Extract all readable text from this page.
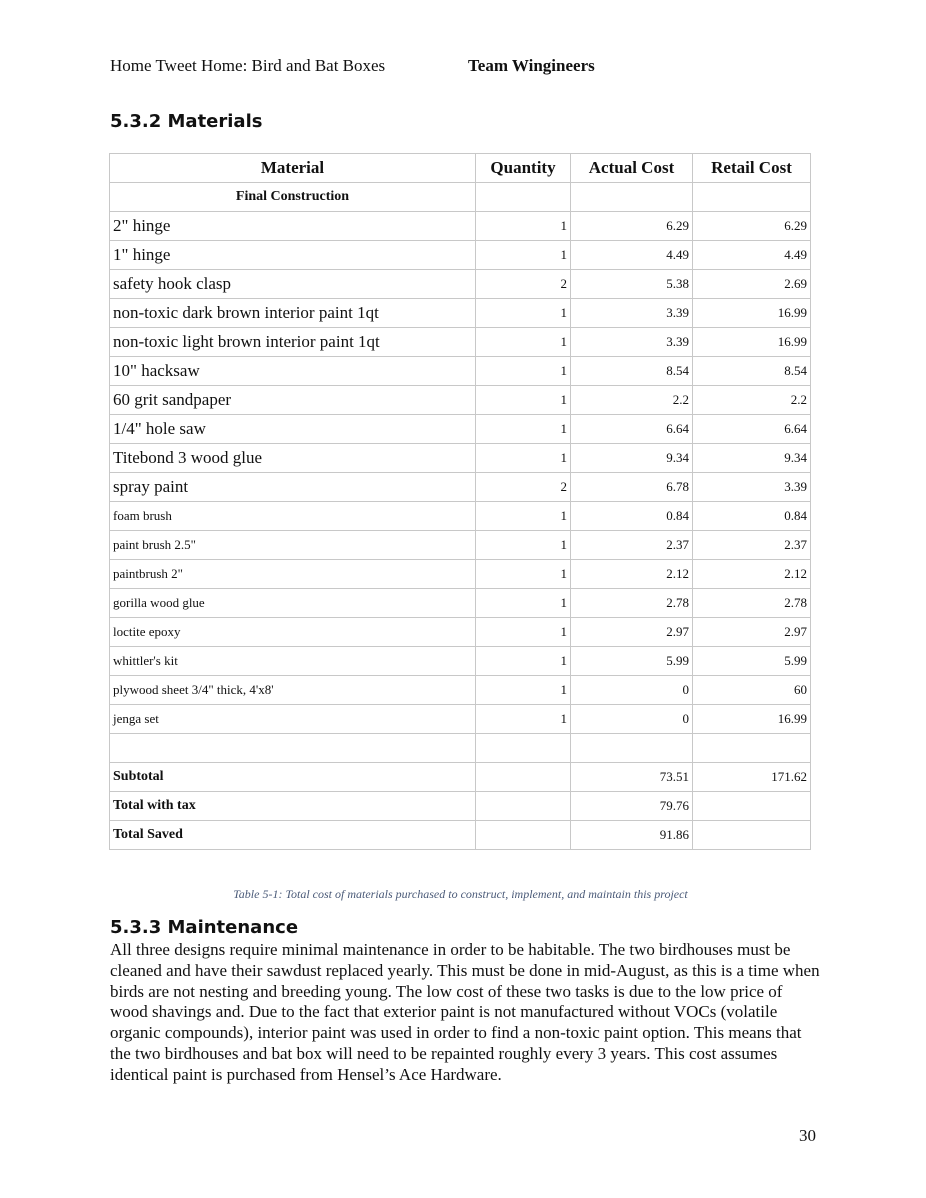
Home Tweet Home: Bird and Bat Boxes	Team Wingineers
5.3.2 Materials
Material	Quantity	Actual Cost	Retail Cost
Final Construction			
2" hinge	1	6.29	6.29
1" hinge	1	4.49	4.49
safety hook clasp	2	5.38	2.69
non-toxic dark brown interior paint 1qt	1	3.39	16.99
non-toxic light brown interior paint 1qt	1	3.39	16.99
10" hacksaw	1	8.54	8.54
60 grit sandpaper	1	2.2	2.2
1/4" hole saw	1	6.64	6.64
Titebond 3 wood glue	1	9.34	9.34
spray paint	2	6.78	3.39
foam brush	1	0.84	0.84
paint brush 2.5"	1	2.37	2.37
paintbrush 2"	1	2.12	2.12
gorilla wood glue	1	2.78	2.78
loctite epoxy	1	2.97	2.97
whittler's kit	1	5.99	5.99
plywood sheet 3/4" thick, 4'x8'	1	0	60
jenga set	1	0	16.99

Subtotal		73.51	171.62
Total with tax		79.76	
Total Saved		91.86	
Table 5-1: Total cost of materials purchased to construct, implement, and maintain this project
5.3.3 Maintenance

All three designs require minimal maintenance in order to be habitable. The two birdhouses must be cleaned and have their sawdust replaced yearly. This must be done in mid-August, as this is a time when birds are not nesting and breeding young. The low cost of these two tasks is due to the low price of wood shavings and. Due to the fact that exterior paint is not manufactured without VOCs (volatile organic compounds), interior paint was used in order to find a non-toxic paint option. This means that the two birdhouses and bat box will need to be repainted roughly every 3 years. This cost assumes identical paint is purchased from Hensel’s Ace Hardware.

30
